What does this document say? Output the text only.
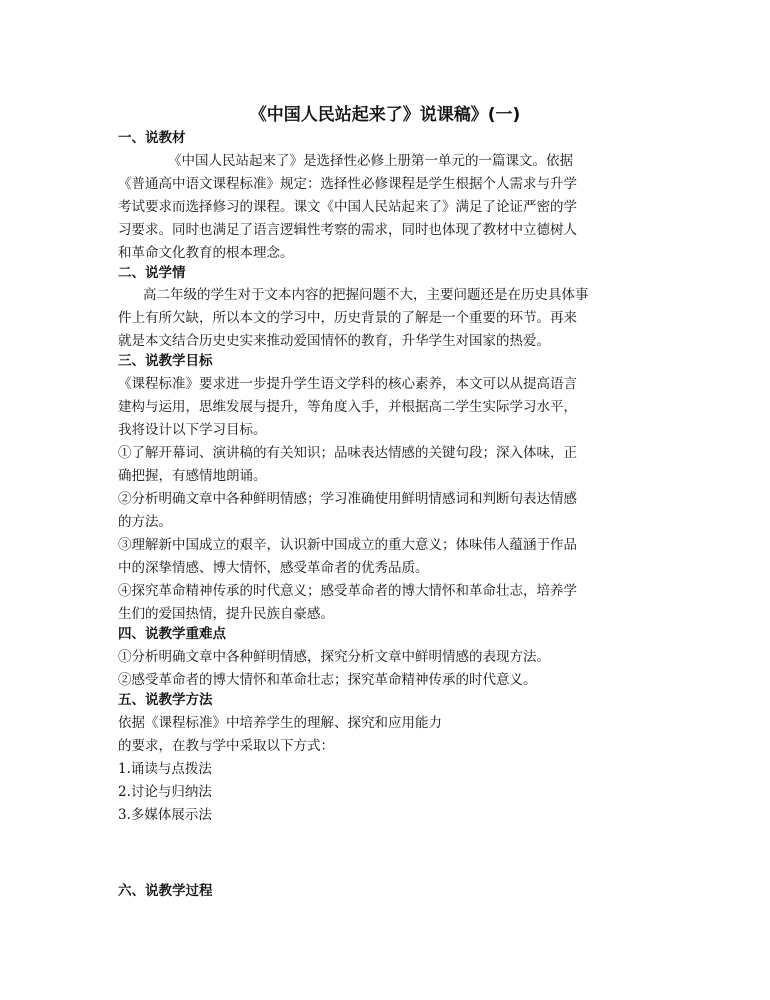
《中国人民站起来了》说课稿》(一)
一、说教材
《中国人民站起来了》是选择性必修上册第一单元的一篇课文。依据
《普通高中语文课程标准》规定：选择性必修课程是学生根据个人需求与升学
考试要求而选择修习的课程。课文《中国人民站起来了》满足了论证严密的学
习要求。同时也满足了语言逻辑性考察的需求，同时也体现了教材中立德树人
和革命文化教育的根本理念。
二、说学情
高二年级的学生对于文本内容的把握问题不大，主要问题还是在历史具体事
件上有所欠缺，所以本文的学习中，历史背景的了解是一个重要的环节。再来
就是本文结合历史史实来推动爱国情怀的教育，升华学生对国家的热爱。
三、说教学目标
《课程标准》要求进一步提升学生语文学科的核心素养，本文可以从提高语言
建构与运用，思维发展与提升，等角度入手，并根据高二学生实际学习水平，
我将设计以下学习目标。
①了解开幕词、演讲稿的有关知识；品味表达情感的关键句段；深入体味，正
确把握，有感情地朗诵。
②分析明确文章中各种鲜明情感；学习准确使用鲜明情感词和判断句表达情感
的方法。
③理解新中国成立的艰辛，认识新中国成立的重大意义；体味伟人蕴涵于作品
中的深挚情感、博大情怀，感受革命者的优秀品质。
④探究革命精神传承的时代意义；感受革命者的博大情怀和革命壮志，培养学
生们的爱国热情，提升民族自豪感。
四、说教学重难点
①分析明确文章中各种鲜明情感，探究分析文章中鲜明情感的表现方法。
②感受革命者的博大情怀和革命壮志；探究革命精神传承的时代意义。
五、说教学方法
依据《课程标准》中培养学生的理解、探究和应用能力
的要求，在教与学中采取以下方式：
1.诵读与点拨法
2.讨论与归纳法
3.多媒体展示法
六、说教学过程
